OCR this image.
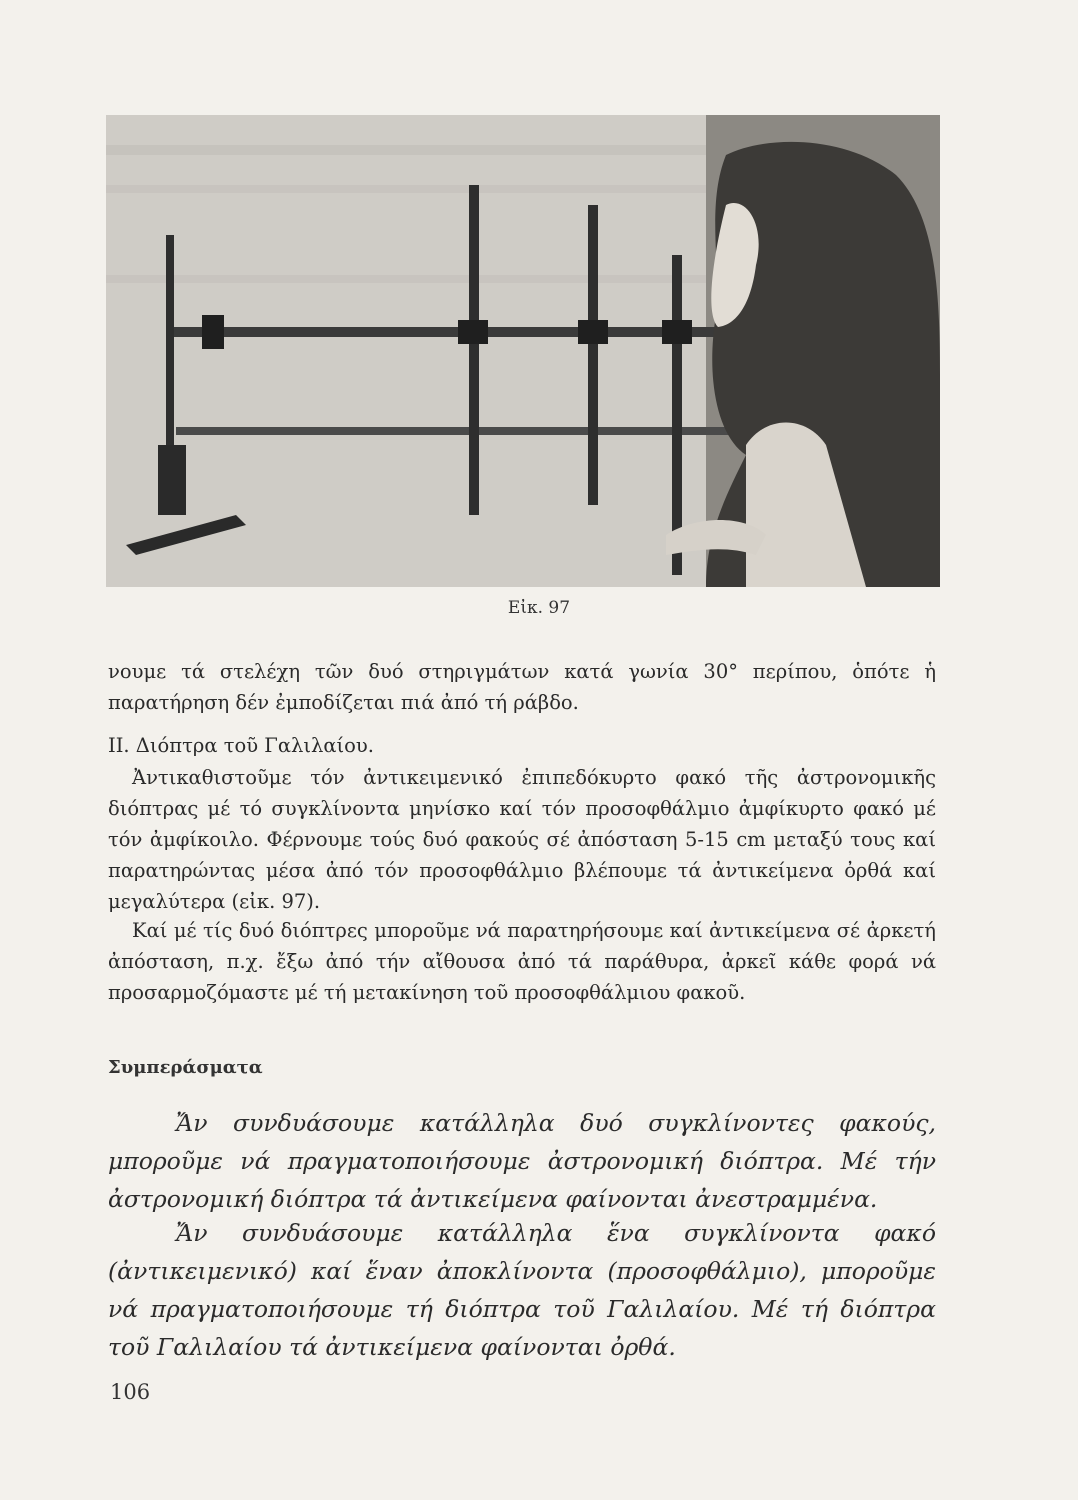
Εἰκ. 97
νουμε τά στελέχη τῶν δυό στηριγμάτων κατά γωνία 30° περίπου, ὁπότε ἡ παρατήρηση δέν ἐμποδίζεται πιά ἀπό τή ράβδο.
II. Διόπτρα τοῦ Γαλιλαίου.
Ἀντικαθιστοῦμε τόν ἀντικειμενικό ἐπιπεδόκυρτο φακό τῆς ἀστρονομικῆς διόπτρας μέ τό συγκλίνοντα μηνίσκο καί τόν προσοφθάλμιο ἀμφίκυρτο φακό μέ τόν ἀμφίκοιλο. Φέρνουμε τούς δυό φακούς σέ ἀπόσταση 5-15 cm μεταξύ τους καί παρατηρώντας μέσα ἀπό τόν προσοφθάλμιο βλέπουμε τά ἀντικείμενα ὀρθά καί μεγαλύτερα (εἰκ. 97).
Καί μέ τίς δυό διόπτρες μποροῦμε νά παρατηρήσουμε καί ἀντικείμενα σέ ἀρκετή ἀπόσταση, π.χ. ἔξω ἀπό τήν αἴθουσα ἀπό τά παράθυρα, ἀρκεῖ κάθε φορά νά προσαρμοζόμαστε μέ τή μετακίνηση τοῦ προσοφθάλμιου φακοῦ.
Συμπεράσματα
Ἄν συνδυάσουμε κατάλληλα δυό συγκλίνοντες φακούς, μποροῦμε νά πραγματοποιήσουμε ἀστρονομική διόπτρα. Μέ τήν ἀστρονομική διόπτρα τά ἀντικείμενα φαίνονται ἀνεστραμμένα.
Ἄν συνδυάσουμε κατάλληλα ἕνα συγκλίνοντα φακό (ἀντικειμενικό) καί ἕναν ἀποκλίνοντα (προσοφθάλμιο), μποροῦμε νά πραγματοποιήσουμε τή διόπτρα τοῦ Γαλιλαίου. Μέ τή διόπτρα τοῦ Γαλιλαίου τά ἀντικείμενα φαίνονται ὀρθά.
106
